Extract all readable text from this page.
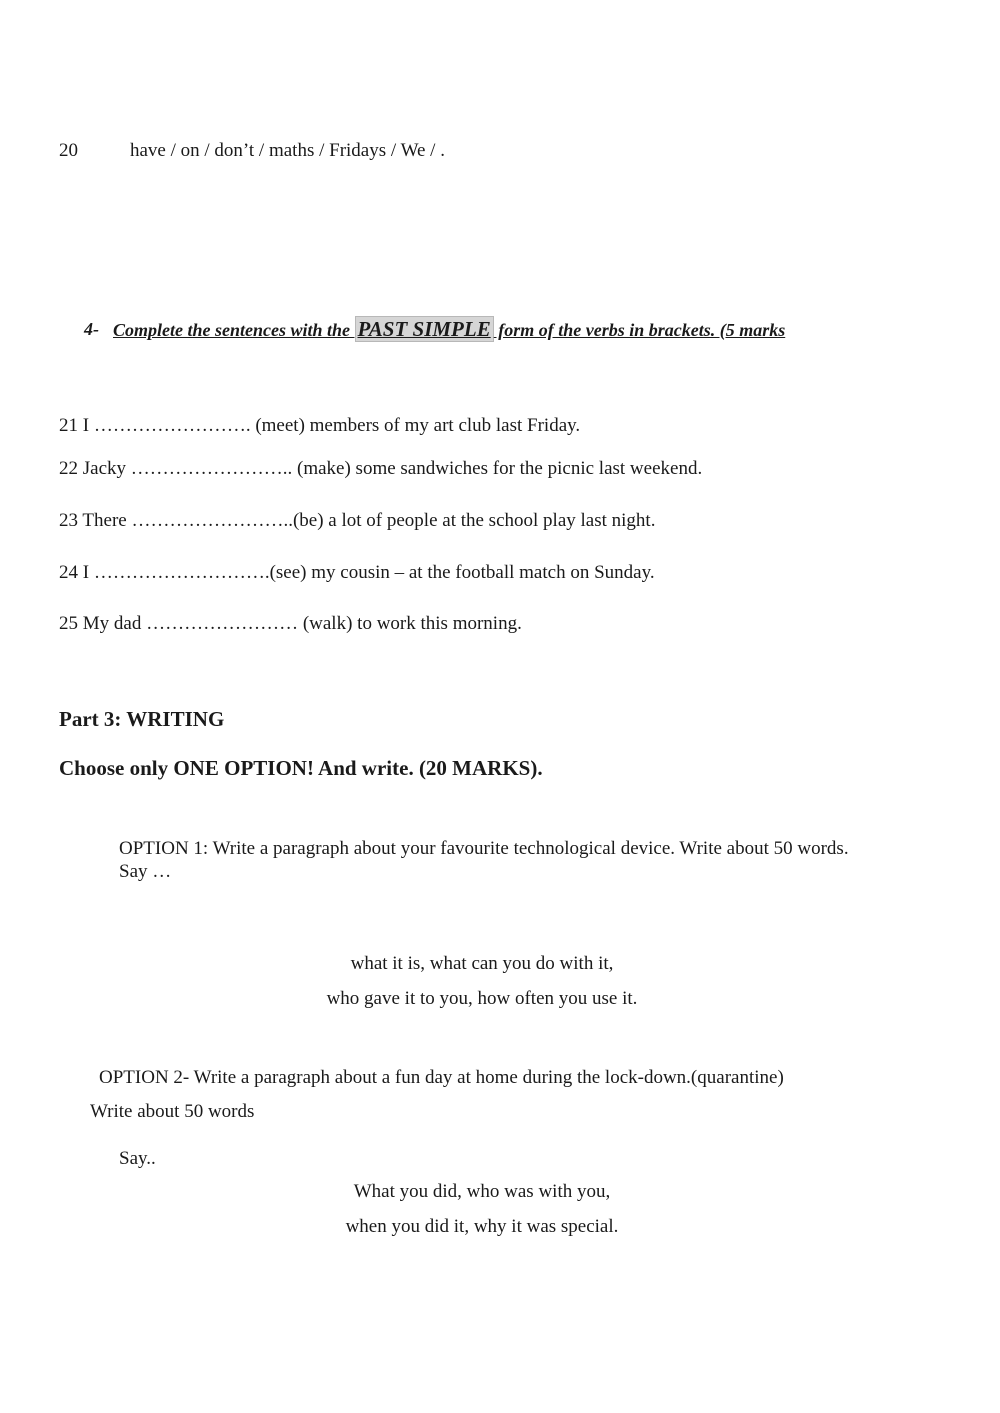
20	have / on / don’t / maths / Fridays / We / .
4- Complete the sentences with the PAST SIMPLE form of the verbs in brackets. (5 marks
21 I ……………………. (meet) members of my art club last Friday.
22 Jacky …………………….. (make) some sandwiches for the picnic last weekend.
23 There ……………………..(be) a lot of people at the school play last night.
24 I ……………………….(see) my cousin – at the football match on Sunday.
25 My dad …………………… (walk) to work this morning.
Part 3: WRITING
Choose only ONE OPTION! And write. (20 MARKS).
OPTION 1: Write a paragraph about your favourite technological device. Write about 50 words.
Say …
what it is, what can you do with it,
who gave it to you, how often you use it.
OPTION 2- Write a paragraph about a fun day at home during the lock-down.(quarantine)
Write about 50 words
Say..
What you did, who was with you,
when you did it, why it was special.
